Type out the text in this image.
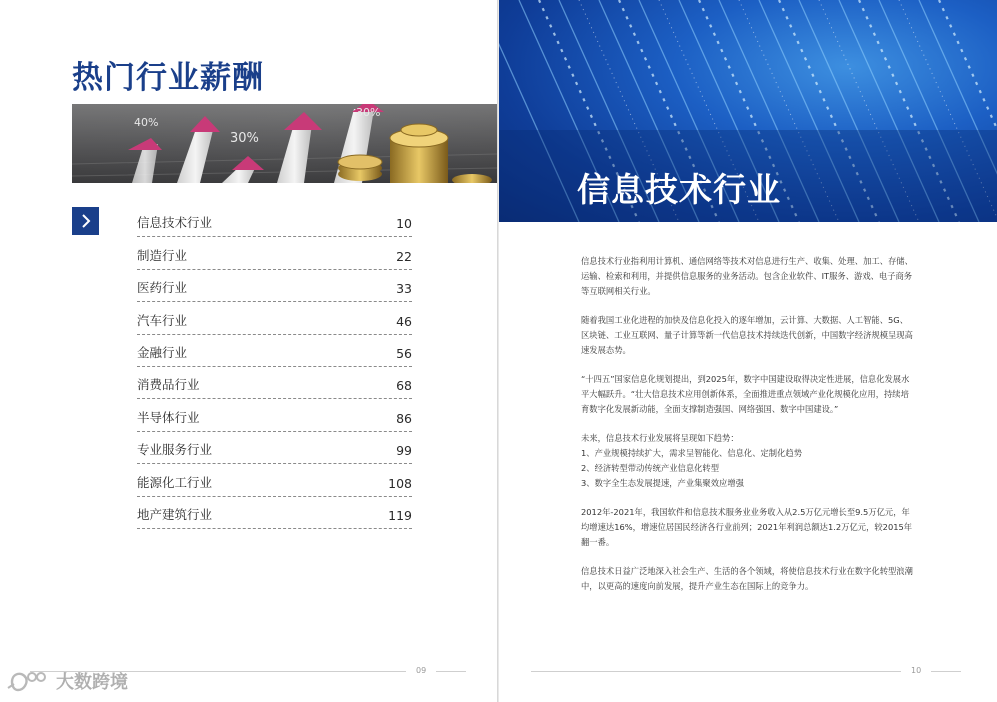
热门行业薪酬
40%
30%
30%
信息技术行业	10
制造行业	22
医药行业	33
汽车行业	46
金融行业	56
消费品行业	68
半导体行业	86
专业服务行业	99
能源化工行业	108
地产建筑行业	119
09
大数跨境
信息技术行业

信息技术行业指利用计算机、通信网络等技术对信息进行生产、收集、处理、加工、存储、运输、检索和利用，并提供信息服务的业务活动。包含企业软件、IT服务、游戏、电子商务等互联网相关行业。

随着我国工业化进程的加快及信息化投入的逐年增加，云计算、大数据、人工智能、5G、区块链、工业互联网、量子计算等新一代信息技术持续迭代创新，中国数字经济规模呈现高速发展态势。

“十四五”国家信息化规划提出，到2025年，数字中国建设取得决定性进展，信息化发展水平大幅跃升。“壮大信息技术应用创新体系，全面推进重点领域产业化规模化应用，持续培育数字化发展新动能，全面支撑制造强国、网络强国、数字中国建设。”

未来，信息技术行业发展将呈现如下趋势：
1、产业规模持续扩大，需求呈智能化、信息化、定制化趋势
2、经济转型带动传统产业信息化转型
3、数字全生态发展提速，产业集聚效应增强

2012年-2021年，我国软件和信息技术服务业业务收入从2.5万亿元增长至9.5万亿元，年均增速达16%，增速位居国民经济各行业前列；2021年利润总额达1.2万亿元，较2015年翻一番。

信息技术日益广泛地深入社会生产、生活的各个领域，将使信息技术行业在数字化转型浪潮中，以更高的速度向前发展，提升产业生态在国际上的竞争力。

10
